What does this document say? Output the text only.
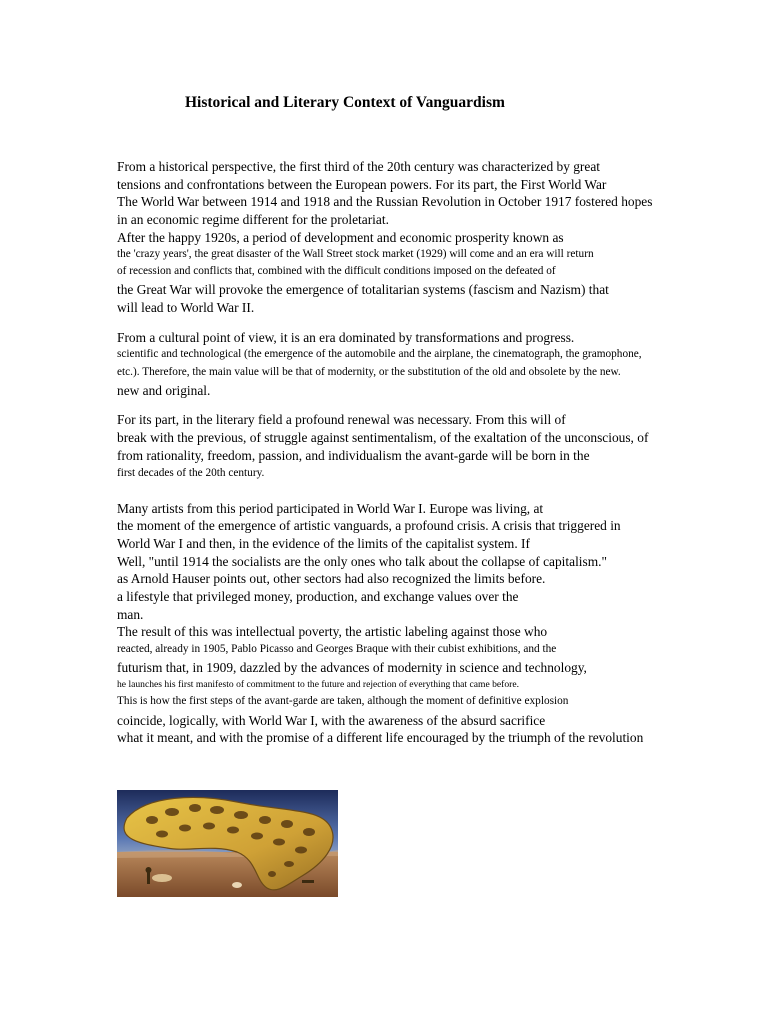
Historical and Literary Context of Vanguardism
From a historical perspective, the first third of the 20th century was characterized by great
tensions and confrontations between the European powers. For its part, the First World War
The World War between 1914 and 1918 and the Russian Revolution in October 1917 fostered hopes
in an economic regime different for the proletariat.
After the happy 1920s, a period of development and economic prosperity known as
the 'crazy years', the great disaster of the Wall Street stock market (1929) will come and an era will return
of recession and conflicts that, combined with the difficult conditions imposed on the defeated of
the Great War will provoke the emergence of totalitarian systems (fascism and Nazism) that
will lead to World War II.
From a cultural point of view, it is an era dominated by transformations and progress.
scientific and technological (the emergence of the automobile and the airplane, the cinematograph, the gramophone,
etc.). Therefore, the main value will be that of modernity, or the substitution of the old and obsolete by the new.
new and original.
For its part, in the literary field a profound renewal was necessary. From this will of
break with the previous, of struggle against sentimentalism, of the exaltation of the unconscious, of
from rationality, freedom, passion, and individualism the avant-garde will be born in the
first decades of the 20th century.
Many artists from this period participated in World War I. Europe was living, at
the moment of the emergence of artistic vanguards, a profound crisis. A crisis that triggered in
World War I and then, in the evidence of the limits of the capitalist system. If
Well, "until 1914 the socialists are the only ones who talk about the collapse of capitalism."
as Arnold Hauser points out, other sectors had also recognized the limits before.
a lifestyle that privileged money, production, and exchange values over the
man.
The result of this was intellectual poverty, the artistic labeling against those who
reacted, already in 1905, Pablo Picasso and Georges Braque with their cubist exhibitions, and the
futurism that, in 1909, dazzled by the advances of modernity in science and technology,
he launches his first manifesto of commitment to the future and rejection of everything that came before.
This is how the first steps of the avant-garde are taken, although the moment of definitive explosion
coincide, logically, with World War I, with the awareness of the absurd sacrifice
what it meant, and with the promise of a different life encouraged by the triumph of the revolution
